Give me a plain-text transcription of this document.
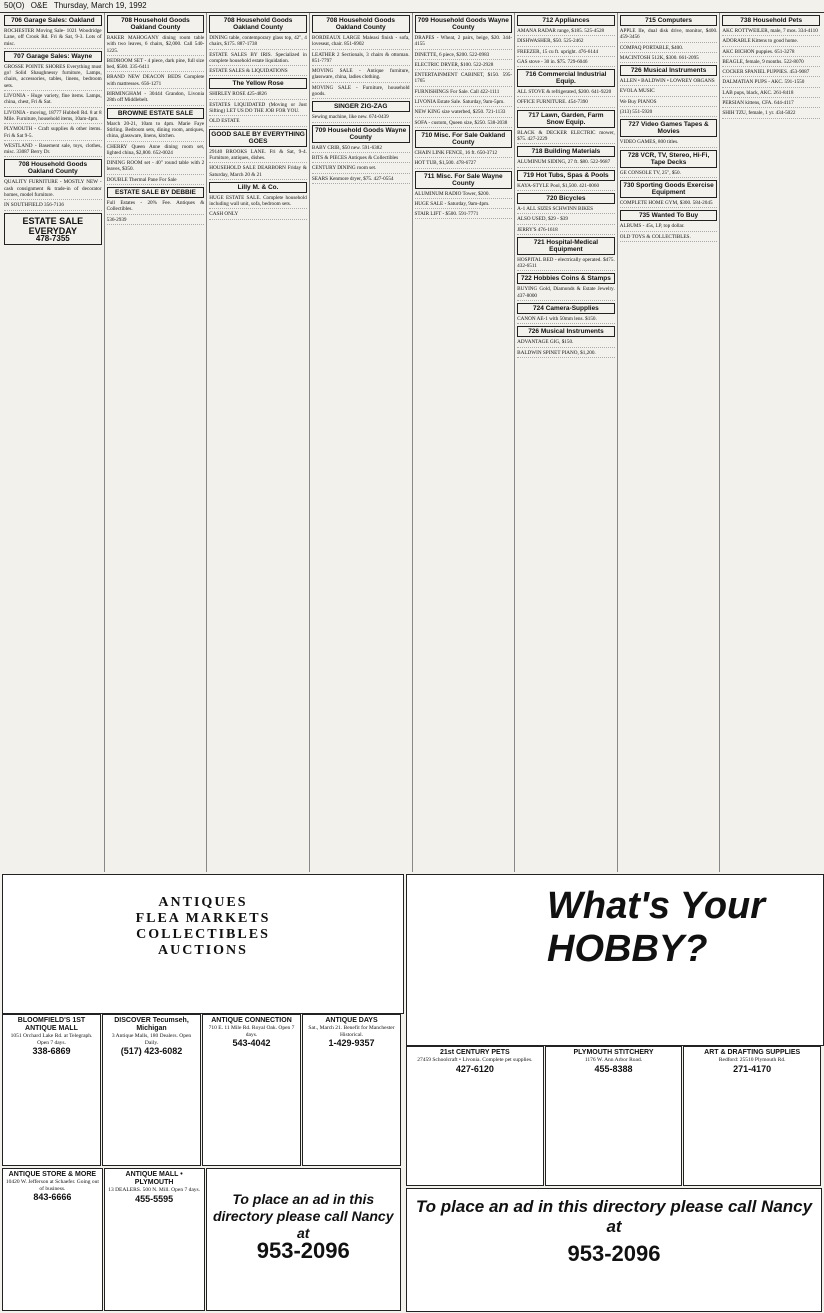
50(O) O&E Thursday, March 19, 1992
706 Garage Sales: Oakland
ROCHESTER Moving Sale- 1021 Woodridge Lane, off Crook Rd. Fri & Sat, 9-3. Lots of misc.
707 Garage Sales: Wayne
GROSSE POINTE SHORES Everything must go! Solid Shaughnessy furniture, Lamps, chairs, accessories, tables, linens, bedroom sets.
LIVONIA - Huge variety, fine items. Lamps, china, chest, Fri & Sat.
LIVONIA - moving, 18777 Hubbell Rd. 8 at 8 Mile. Furniture, household items, 10am-4pm.
PLYMOUTH - Craft supplies & other items. Fri & Sat 9-5.
WESTLAND - Basement sale, toys, clothes, misc. 33087 Berry Dr.
708 Household Goods Oakland County
QUALITY FURNITURE - MOSTLY NEW - cash consignment & trade-in of decorator homes, model furniture.
IN SOUTHFIELD 356-7136
ESTATE SALE EVERYDAY
478-7355
708 Household Goods Oakland County
BAKER MAHOGANY dining room table with two leaves, 6 chairs, $2,000. Call 540-1225.
BEDROOM SET - 4 piece, dark pine, full size bed, $500. 335-6411
BRAND NEW DEACON BEDS Complete with mattresses. 656-1271
BIRMINGHAM - 30444 Grandon, Livonia 28th off Middlebelt.
BROWNE ESTATE SALE
March 20-21, 10am to 4pm. Marie Faye Stirling. Bedroom sets, dining room, antiques, china, glassware, linens, kitchen.
CHERRY Queen Anne dining room set, lighted china, $2,800. 652-0024
DINING ROOM set - 40" round table with 2 leaves, $350.
DOUBLE Thermal Pane For Sale
ESTATE SALE BY DEBBIE
Full Estates - 20% Fee. Antiques & Collectibles.
536-2939
708 Household Goods Oakland County
DINING table, contemporary glass top, 42", 4 chairs, $175. 887-1738
ESTATE SALES BY IRIS. Specialized in complete household estate liquidation.
ESTATE SALES & LIQUIDATIONS
The Yellow Rose
SHIRLEY ROSE 425-4826
ESTATES LIQUIDATED (Moving or Just Sifting) LET US DO THE JOB FOR YOU.
OLD ESTATE
GOOD SALE BY EVERYTHING GOES
29140 BROOKS LANE. Fri & Sat, 9-4. Furniture, antiques, dishes.
HOUSEHOLD SALE DEARBORN Friday & Saturday, March 20 & 21
Lilly M. & Co.
HUGE ESTATE SALE. Complete household including wall unit, sofa, bedroom sets.
CASH ONLY
708 Household Goods Oakland County
BORDEAUX LARGE Maleasi finish - sofa, loveseat, chair. 851-6902
LEATHER 2 Sectionals, 3 chairs & ottoman. 851-7797
MOVING SALE - Antique furniture, glassware, china, ladies clothing.
MOVING SALE - Furniture, household goods.
SINGER ZIG-ZAG
Sewing machine, like new. 674-0439
709 Household Goods Wayne County
BABY CRIB, $50 new. 591-6382
BITS & PIECES Antiques & Collectibles
CENTURY DINING room set.
SEARS Kenmore dryer, $75. 427-0554
709 Household Goods Wayne County
DRAPES - Wheat, 2 pairs, beige, $20. 344-4155
DINETTE, 6 piece, $200. 522-0983
ELECTRIC DRYER, $100. 522-2928
ENTERTAINMENT CABINET, $150. 595-1765
FURNISHINGS For Sale. Call 422-1111
LIVONIA Estate Sale. Saturday, 9am-5pm.
NEW KING size waterbed, $250. 721-1133
SOFA - custom, Queen size, $250. 538-2038
710 Misc. For Sale Oakland County
CHAIN LINK FENCE, 16 ft. 650-3712
HOT TUB, $1,500. 478-6727
711 Misc. For Sale Wayne County
ALUMINUM RADIO Tower, $200.
HUGE SALE - Saturday, 9am-4pm.
STAIR LIFT - $500. 591-7771
712 Appliances
AMANA RADAR range, $185. 525-4528
DISHWASHER, $50. 525-2462
FREEZER, 15 cu ft. upright. 476-6144
GAS stove - 30 in. $75. 729-6046
716 Commercial Industrial Equip.
ALL STOVE & refrigerated, $200. 641-9220
OFFICE FURNITURE. 454-7390
717 Lawn, Garden, Farm Snow Equip.
BLACK & DECKER ELECTRIC mower, $75. 427-2229
718 Building Materials
ALUMINUM SIDING, 27 ft. $80. 522-9687
719 Hot Tubs, Spas & Pools
KAYA-STYLE Pool, $1,500. 421-0060
720 Bicycles
A-1 ALL SIZES SCHWINN BIKES
ALSO USED, $29 - $39
JERRY'S 476-1618
721 Hospital-Medical Equipment
HOSPITAL BED - electrically operated. $475. 432-6511
722 Hobbies Coins & Stamps
BUYING Gold, Diamonds & Estate Jewelry. 437-8000
724 Camera-Supplies
CANON AE-1 with 50mm lens. $150.
726 Musical Instruments
ADVANTAGE GIG, $150.
BALDWIN SPINET PIANO, $1,200.
715 Computers
APPLE IIe, dual disk drive, monitor, $400. 459-3456
COMPAQ PORTABLE, $400.
MACINTOSH 512K, $300. 661-2095
726 Musical Instruments
ALLEN • BALDWIN • LOWREY ORGANS
EVOLA MUSIC
We Buy PIANOS
(313) 551-5920
727 Video Games Tapes & Movies
VIDEO GAMES, 800 titles.
728 VCR, TV, Stereo, Hi-Fi, Tape Decks
GE CONSOLE TV, 25", $50.
730 Sporting Goods Exercise Equipment
COMPLETE HOME GYM, $300. 584-2045
735 Wanted To Buy
ALBUMS - 45s, LP, top dollar.
OLD TOYS & COLLECTIBLES.
738 Household Pets
AKC ROTTWEILER, male, 7 mos. 334-4110
ADORABLE Kittens to good home.
AKC BICHON puppies. 651-3278
BEAGLE, female, 9 months. 522-8070
COCKER SPANIEL PUPPIES. 453-9087
DALMATIAN PUPS - AKC. 591-1550
LAB pups, black, AKC. 261-8418
PERSIAN kittens, CFA. 644-4117
SHIH TZU, female, 1 yr. 434-5022
ANTIQUES
FLEA MARKETS
COLLECTIBLES
AUCTIONS
What's Your HOBBY?
BLOOMFIELD'S 1ST ANTIQUE MALL
1051 Orchard Lake Rd. at Telegraph. Open 7 days.
338-6869
DISCOVER Tecumseh, Michigan
3 Antique Malls, 180 Dealers. Open Daily.
(517) 423-6082
ANTIQUE CONNECTION
710 E. 11 Mile Rd. Royal Oak. Open 7 days.
543-4042
ANTIQUE DAYS
Sat., March 21. Benefit for Manchester Historical.
1-429-9357
ANTIQUE STORE & MORE
10420 W. Jefferson at Schaefer. Going out of business.
843-6666
ANTIQUE MALL • PLYMOUTH
13 DEALERS. 500 N. Mill. Open 7 days.
455-5595	To place an ad in this directory please call Nancy at
953-2096
21st CENTURY PETS
27459 Schoolcraft • Livonia. Complete pet supplies.
427-6120
PLYMOUTH STITCHERY
1176 W. Ann Arbor Road.
455-8388
ART & DRAFTING SUPPLIES
Redford: 25510 Plymouth Rd.
271-4170
To place an ad in this directory please call Nancy at
953-2096
